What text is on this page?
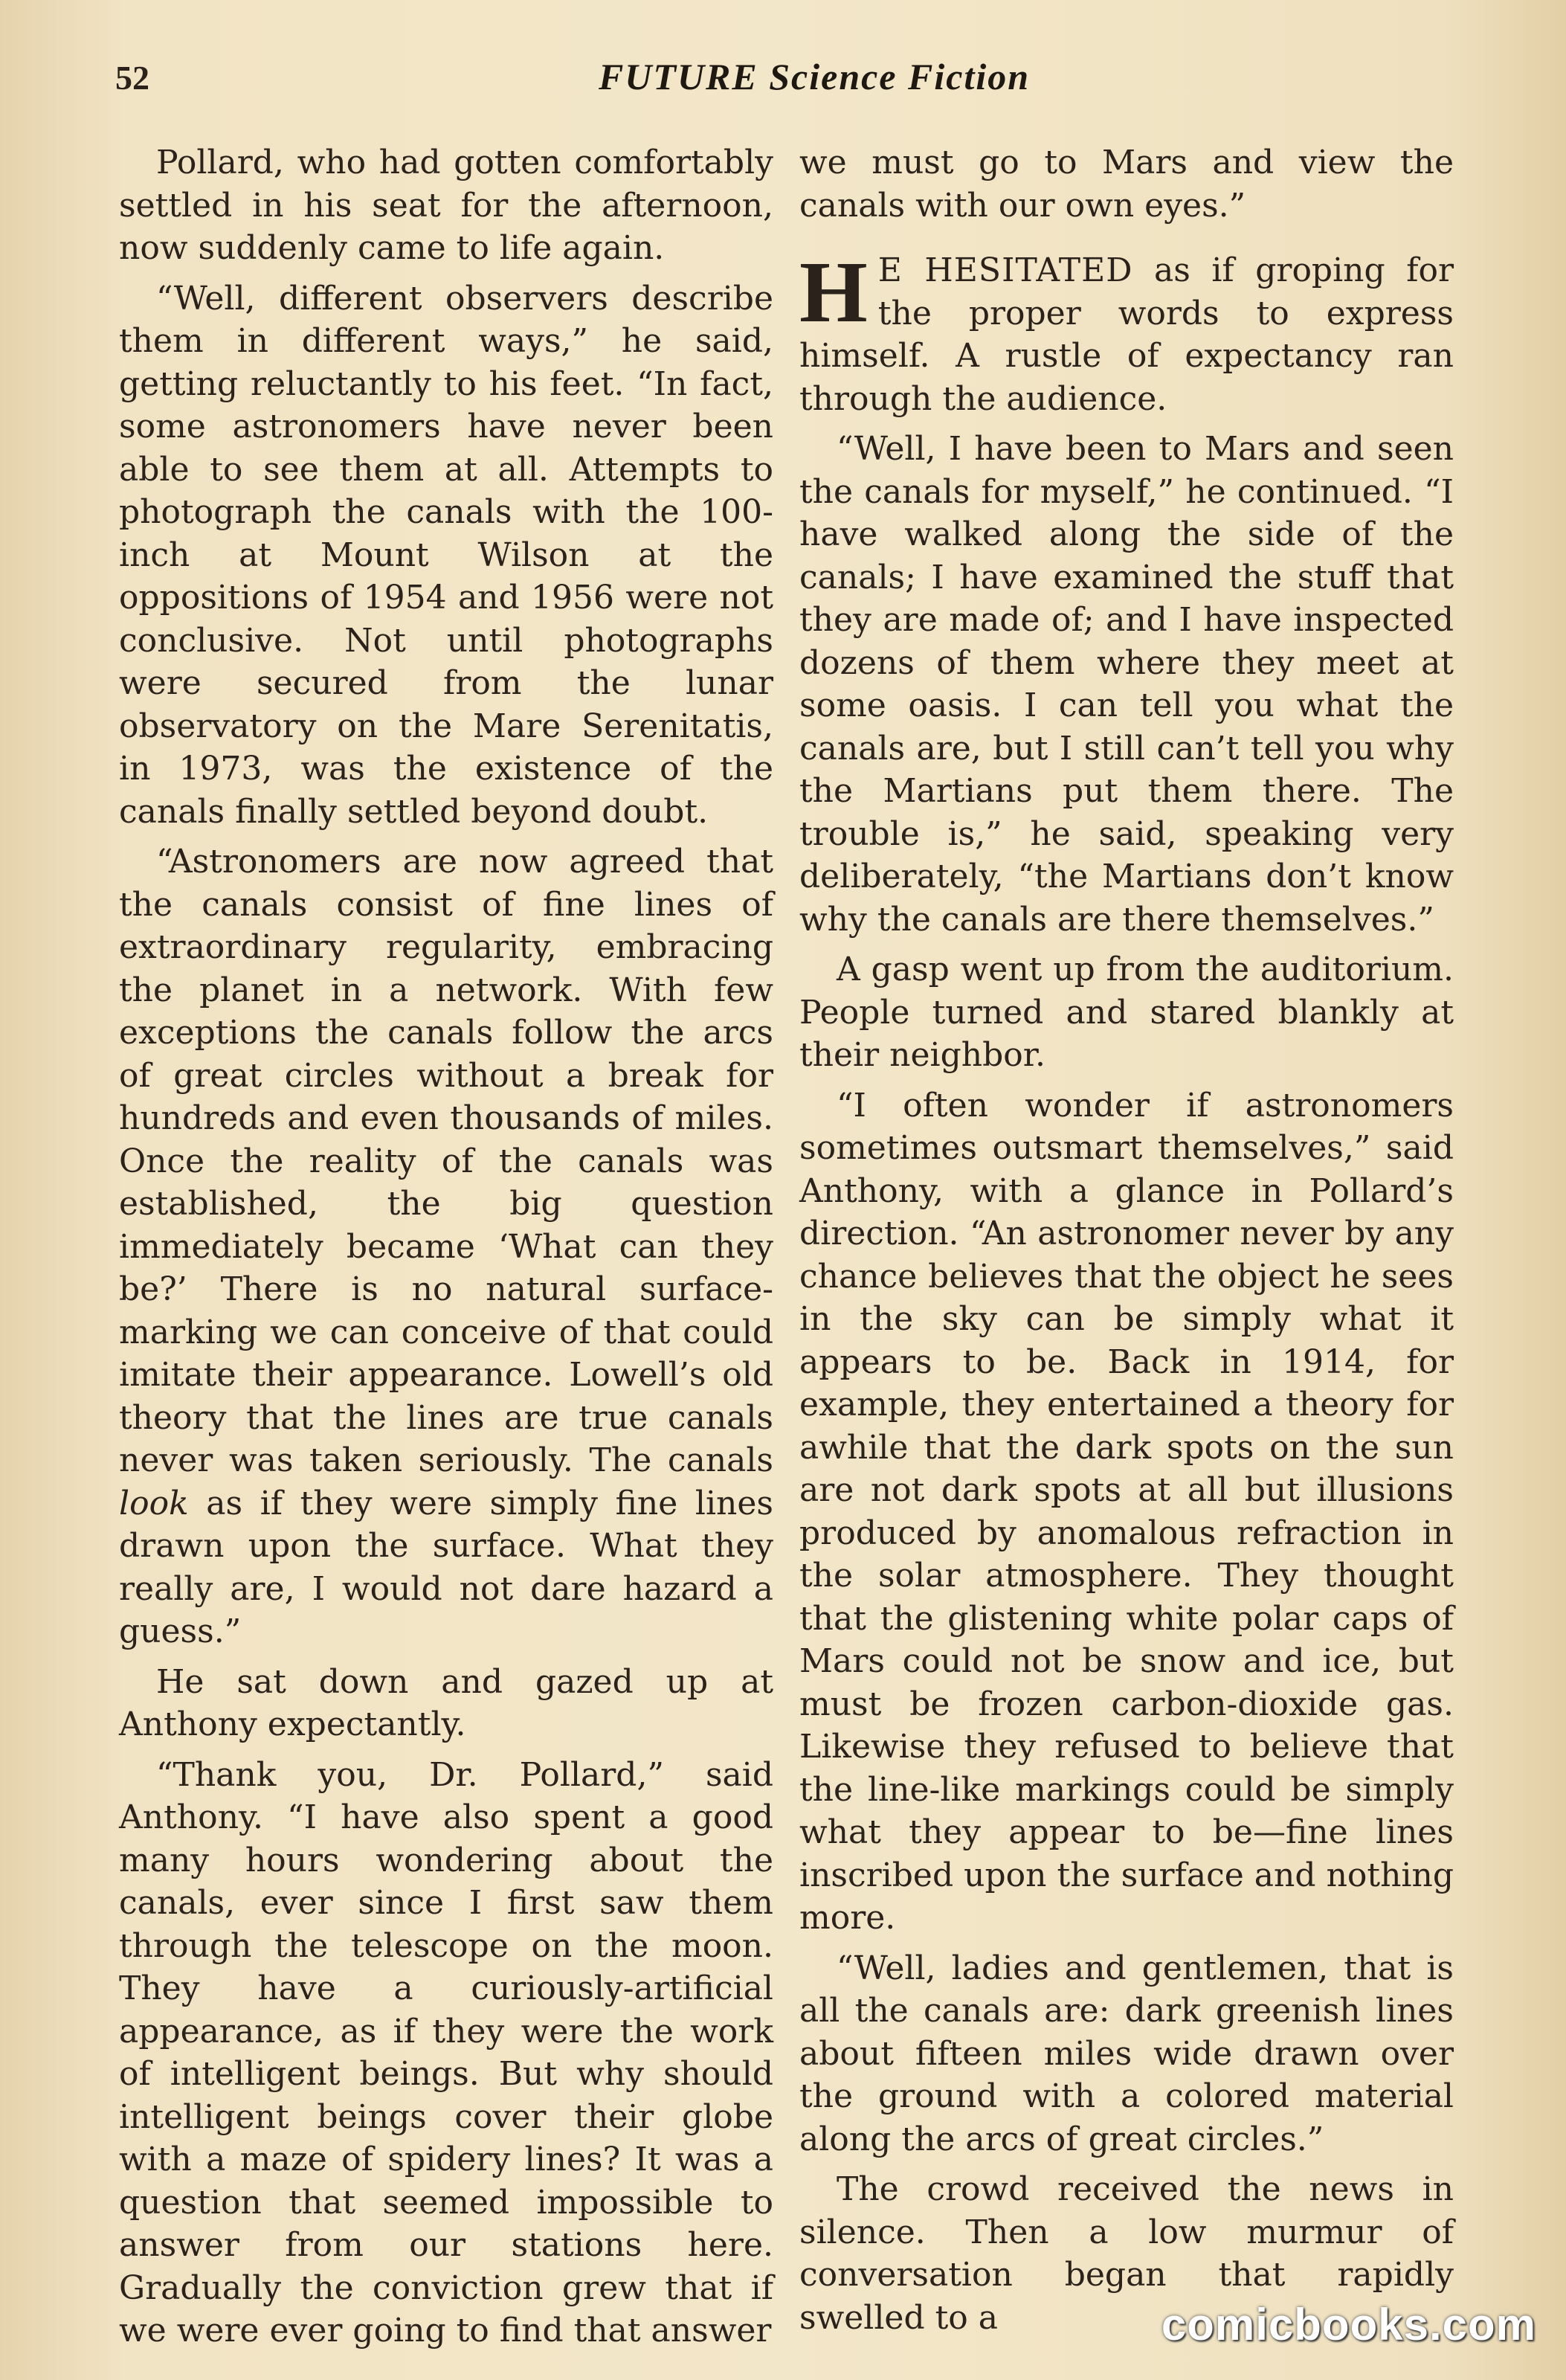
52	FUTURE Science Fiction

Pollard, who had gotten comfortably settled in his seat for the afternoon, now suddenly came to life again.

“Well, different observers describe them in different ways,” he said, getting reluctantly to his feet. “In fact, some astronomers have never been able to see them at all. Attempts to photograph the canals with the 100-inch at Mount Wilson at the oppositions of 1954 and 1956 were not conclusive. Not until photographs were secured from the lunar observatory on the Mare Serenitatis, in 1973, was the existence of the canals finally settled beyond doubt.

“Astronomers are now agreed that the canals consist of fine lines of extraordinary regularity, embracing the planet in a network. With few exceptions the canals follow the arcs of great circles without a break for hundreds and even thousands of miles. Once the reality of the canals was established, the big question immediately became ‘What can they be?’ There is no natural surface-marking we can conceive of that could imitate their appearance. Lowell’s old theory that the lines are true canals never was taken seriously. The canals look as if they were simply fine lines drawn upon the surface. What they really are, I would not dare hazard a guess.”

He sat down and gazed up at Anthony expectantly.

“Thank you, Dr. Pollard,” said Anthony. “I have also spent a good many hours wondering about the canals, ever since I first saw them through the telescope on the moon. They have a curiously-artificial appearance, as if they were the work of intelligent beings. But why should intelligent beings cover their globe with a maze of spidery lines? It was a question that seemed impossible to answer from our stations here. Gradually the conviction grew that if we were ever going to find that answer

we must go to Mars and view the canals with our own eyes.”

H E HESITATED as if groping for the proper words to express himself. A rustle of expectancy ran through the audience.

“Well, I have been to Mars and seen the canals for myself,” he continued. “I have walked along the side of the canals; I have examined the stuff that they are made of; and I have inspected dozens of them where they meet at some oasis. I can tell you what the canals are, but I still can’t tell you why the Martians put them there. The trouble is,” he said, speaking very deliberately, “the Martians don’t know why the canals are there themselves.”

A gasp went up from the auditorium. People turned and stared blankly at their neighbor.

“I often wonder if astronomers sometimes outsmart themselves,” said Anthony, with a glance in Pollard’s direction. “An astronomer never by any chance believes that the object he sees in the sky can be simply what it appears to be. Back in 1914, for example, they entertained a theory for awhile that the dark spots on the sun are not dark spots at all but illusions produced by anomalous refraction in the solar atmosphere. They thought that the glistening white polar caps of Mars could not be snow and ice, but must be frozen carbon-dioxide gas. Likewise they refused to believe that the line-like markings could be simply what they appear to be—fine lines inscribed upon the surface and nothing more.

“Well, ladies and gentlemen, that is all the canals are: dark greenish lines about fifteen miles wide drawn over the ground with a colored material along the arcs of great circles.”

The crowd received the news in silence. Then a low murmur of conversation began that rapidly swelled to a	comicbooks.com
